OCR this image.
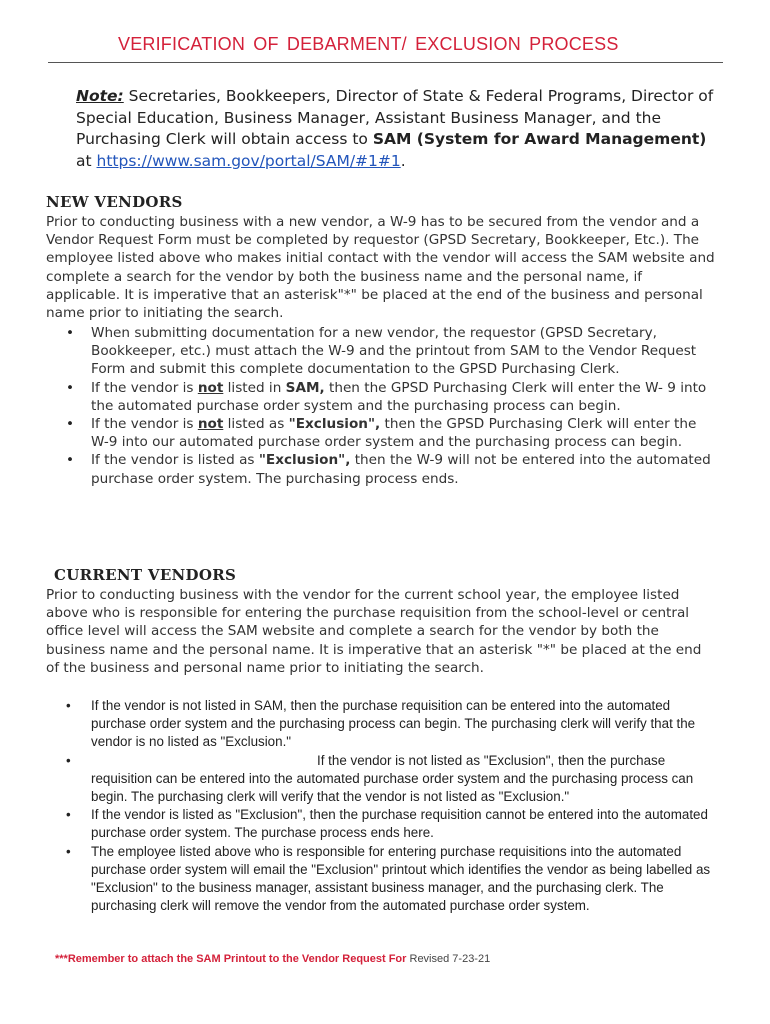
VERIFICATION OF DEBARMENT/ EXCLUSION PROCESS
Note: Secretaries, Bookkeepers, Director of State & Federal Programs, Director of Special Education, Business Manager, Assistant Business Manager, and the Purchasing Clerk will obtain access to SAM (System for Award Management) at https://www.sam.gov/portal/SAM/#1#1.
NEW VENDORS
Prior to conducting business with a new vendor, a W-9 has to be secured from the vendor and a Vendor Request Form must be completed by requestor (GPSD Secretary, Bookkeeper, Etc.). The employee listed above who makes initial contact with the vendor will access the SAM website and complete a search for the vendor by both the business name and the personal name, if applicable. It is imperative that an asterisk"*" be placed at the end of the business and personal name prior to initiating the search.
• When submitting documentation for a new vendor, the requestor (GPSD Secretary, Bookkeeper, etc.) must attach the W-9 and the printout from SAM to the Vendor Request Form and submit this complete documentation to the GPSD Purchasing Clerk.
• If the vendor is not listed in SAM, then the GPSD Purchasing Clerk will enter the W- 9 into the automated purchase order system and the purchasing process can begin.
• If the vendor is not listed as "Exclusion", then the GPSD Purchasing Clerk will enter the W-9 into our automated purchase order system and the purchasing process can begin.
• If the vendor is listed as "Exclusion", then the W-9 will not be entered into the automated purchase order system. The purchasing process ends.
CURRENT VENDORS
Prior to conducting business with the vendor for the current school year, the employee listed above who is responsible for entering the purchase requisition from the school-level or central office level will access the SAM website and complete a search for the vendor by both the business name and the personal name. It is imperative that an asterisk "*" be placed at the end of the business and personal name prior to initiating the search.
• If the vendor is not listed in SAM, then the purchase requisition can be entered into the automated purchase order system and the purchasing process can begin. The purchasing clerk will verify that the vendor is no listed as "Exclusion."
• If the vendor is not listed as "Exclusion", then the purchase requisition can be entered into the automated purchase order system and the purchasing process can begin. The purchasing clerk will verify that the vendor is not listed as "Exclusion."
• If the vendor is listed as "Exclusion", then the purchase requisition cannot be entered into the automated purchase order system. The purchase process ends here.
• The employee listed above who is responsible for entering purchase requisitions into the automated purchase order system will email the "Exclusion" printout which identifies the vendor as being labelled as "Exclusion" to the business manager, assistant business manager, and the purchasing clerk. The purchasing clerk will remove the vendor from the automated purchase order system.
***Remember to attach the SAM Printout to the Vendor Request For Revised 7-23-21
